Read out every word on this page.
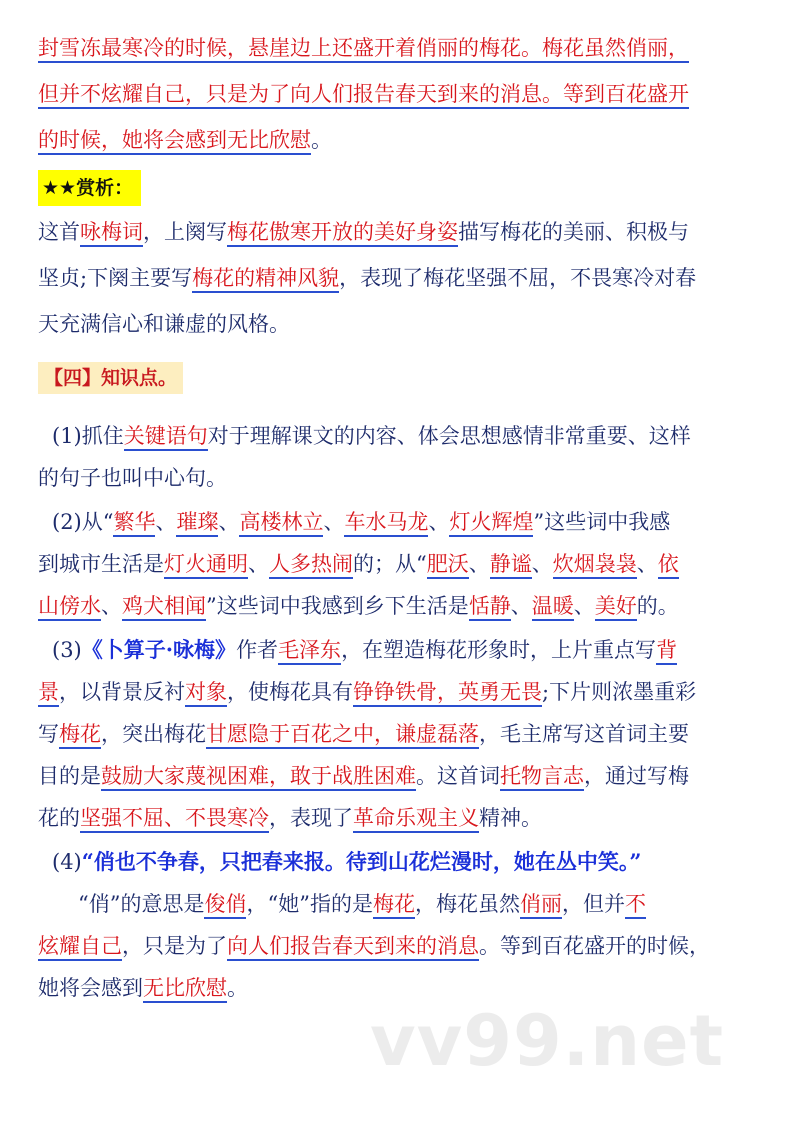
封雪冻最寒冷的时候，悬崖边上还盛开着俏丽的梅花。梅花虽然俏丽，
但并不炫耀自己，只是为了向人们报告春天到来的消息。等到百花盛开
的时候，她将会感到无比欣慰。
★★赏析：
这首咏梅词，上阕写梅花傲寒开放的美好身姿描写梅花的美丽、积极与
坚贞;下阕主要写梅花的精神风貌，表现了梅花坚强不屈，不畏寒冷对春
天充满信心和谦虚的风格。
【四】知识点。
(1)抓住关键语句对于理解课文的内容、体会思想感情非常重要、这样
的句子也叫中心句。
(2)从“繁华、璀璨、高楼林立、车水马龙、灯火辉煌”这些词中我感
到城市生活是灯火通明、人多热闹的；从“肥沃、静谧、炊烟袅袅、依
山傍水、鸡犬相闻”这些词中我感到乡下生活是恬静、温暖、美好的。
(3)《卜算子·咏梅》作者毛泽东，在塑造梅花形象时，上片重点写背
景，以背景反衬对象，使梅花具有铮铮铁骨，英勇无畏;下片则浓墨重彩
写梅花，突出梅花甘愿隐于百花之中，谦虚磊落，毛主席写这首词主要
目的是鼓励大家蔑视困难，敢于战胜困难。这首词托物言志，通过写梅
花的坚强不屈、不畏寒冷，表现了革命乐观主义精神。
(4)“俏也不争春，只把春来报。待到山花烂漫时，她在丛中笑。”
“俏”的意思是俊俏，“她”指的是梅花，梅花虽然俏丽，但并不
炫耀自己，只是为了向人们报告春天到来的消息。等到百花盛开的时候，
她将会感到无比欣慰。
vv99.net
